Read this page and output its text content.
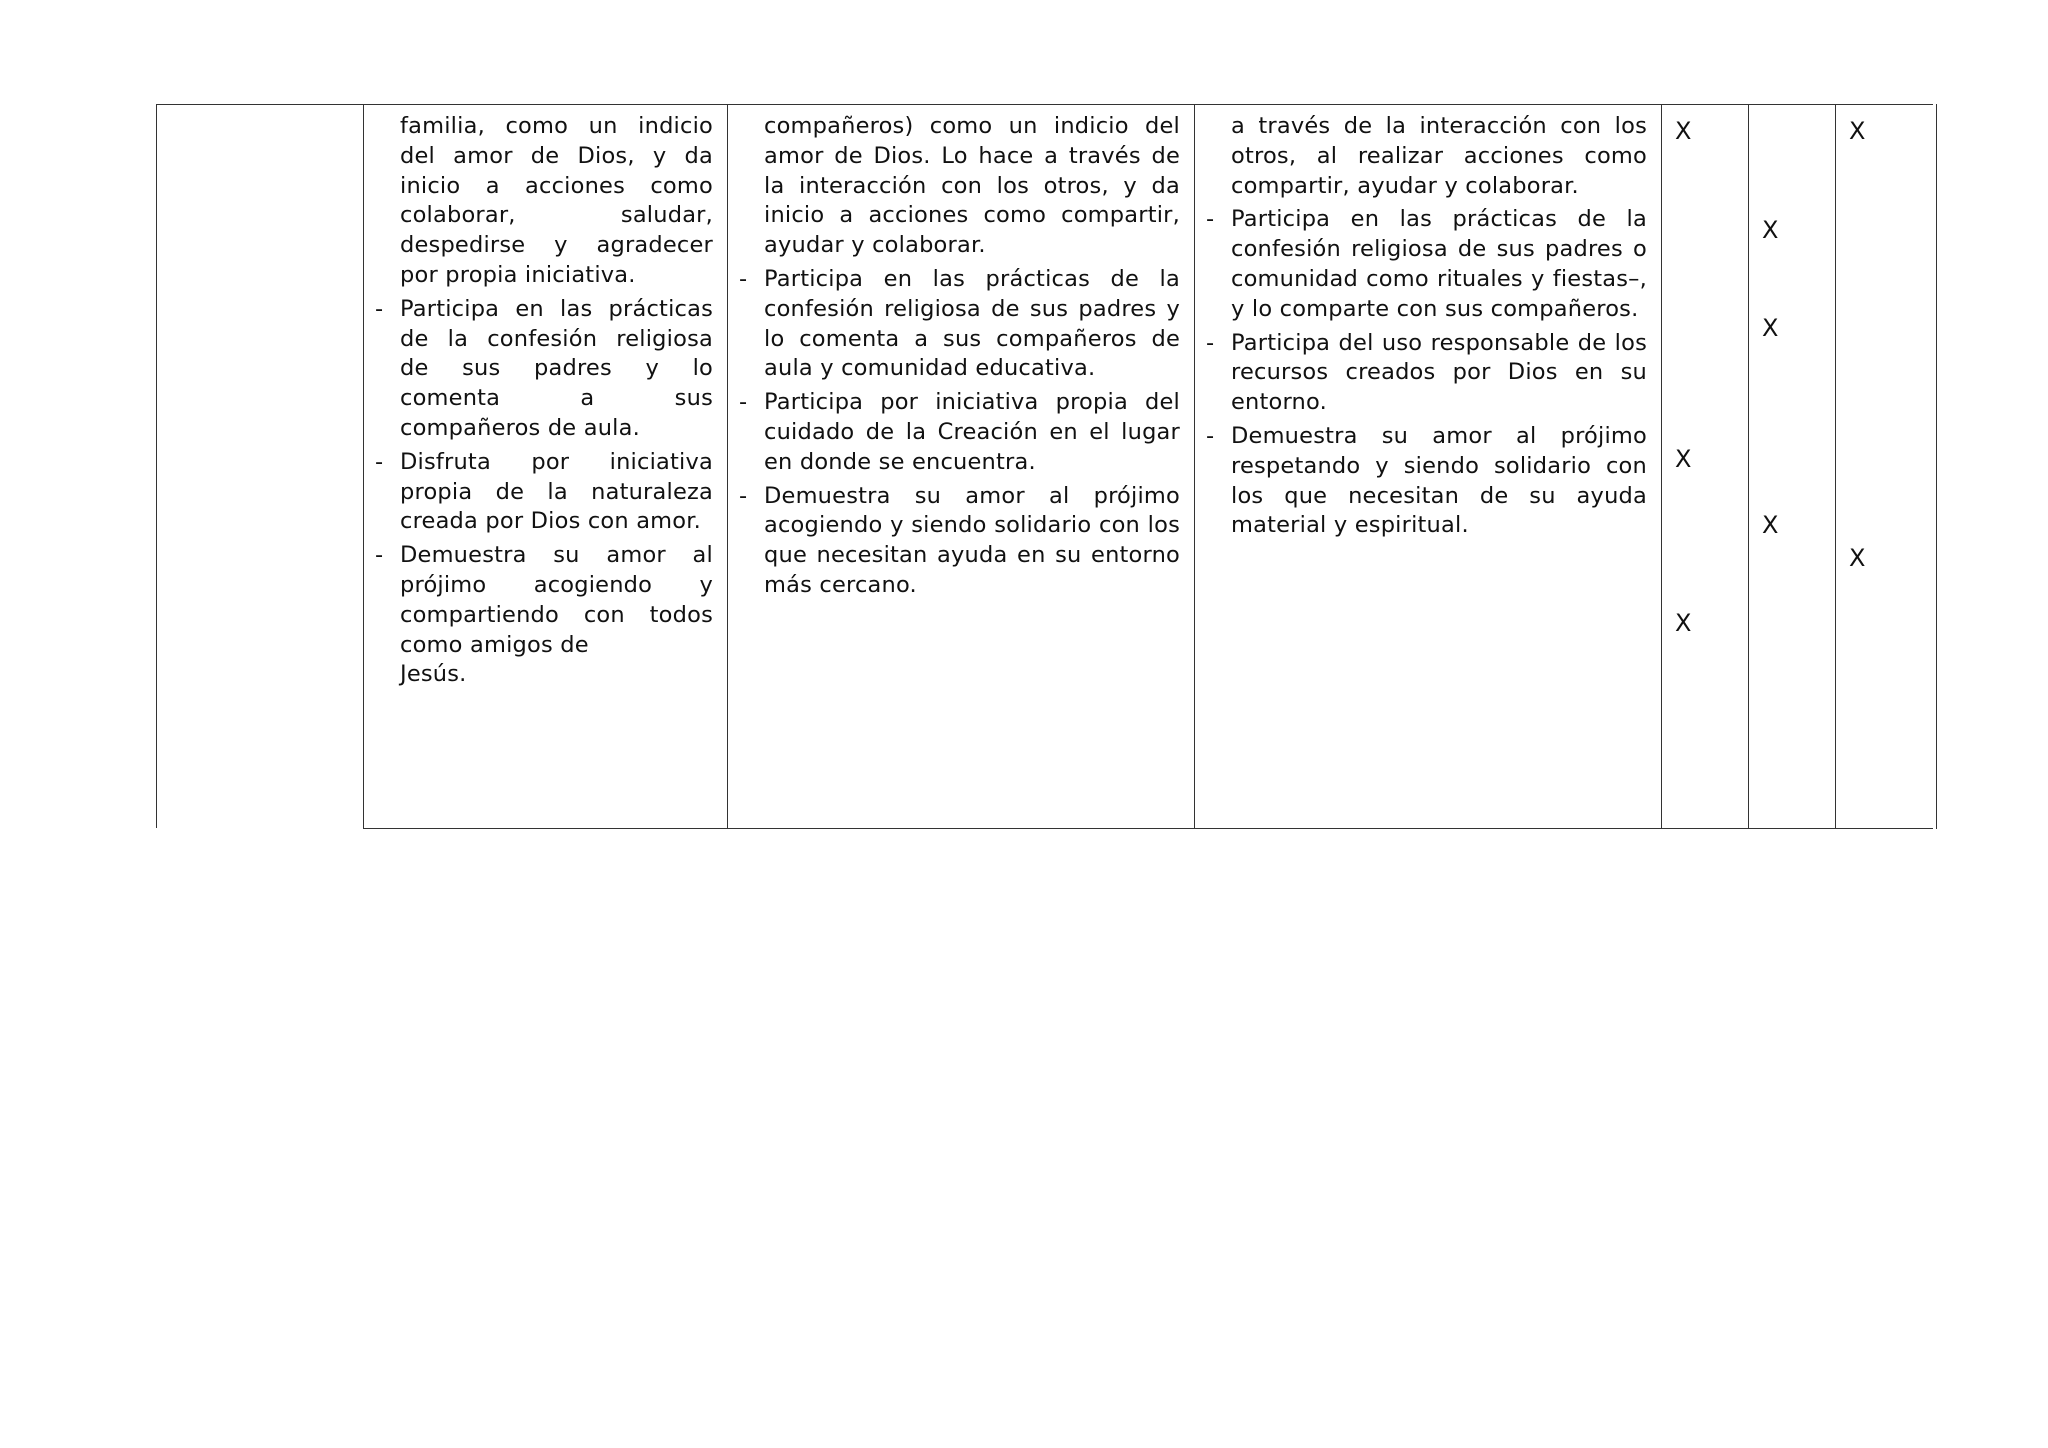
familia, como un indicio del amor de Dios, y da inicio a acciones como colaborar, saludar, despedirse y agradecer por propia iniciativa.

- Participa en las prácticas de la confesión religiosa de sus padres y lo comenta a sus compañeros de aula.
- Disfruta por iniciativa propia de la naturaleza creada por Dios con amor.
- Demuestra su amor al prójimo acogiendo y compartiendo con todos como amigos de
Jesús.

compañeros) como un indicio del amor de Dios. Lo hace a través de la interacción con los otros, y da inicio a acciones como compartir, ayudar y colaborar.

- Participa en las prácticas de la confesión religiosa de sus padres y lo comenta a sus compañeros de aula y comunidad educativa.
- Participa por iniciativa propia del cuidado de la Creación en el lugar en donde se encuentra.
- Demuestra su amor al prójimo acogiendo y siendo solidario con los que necesitan ayuda en su entorno más cercano.

a través de la interacción con los otros, al realizar acciones como compartir, ayudar y colaborar.

- Participa en las prácticas de la confesión religiosa de sus padres o comunidad como rituales y fiestas–, y lo comparte con sus compañeros.
- Participa del uso responsable de los recursos creados por Dios en su entorno.
- Demuestra su amor al prójimo respetando y siendo solidario con los que necesitan de su ayuda material y espiritual.
X
X
X
X
X
X
X
X
